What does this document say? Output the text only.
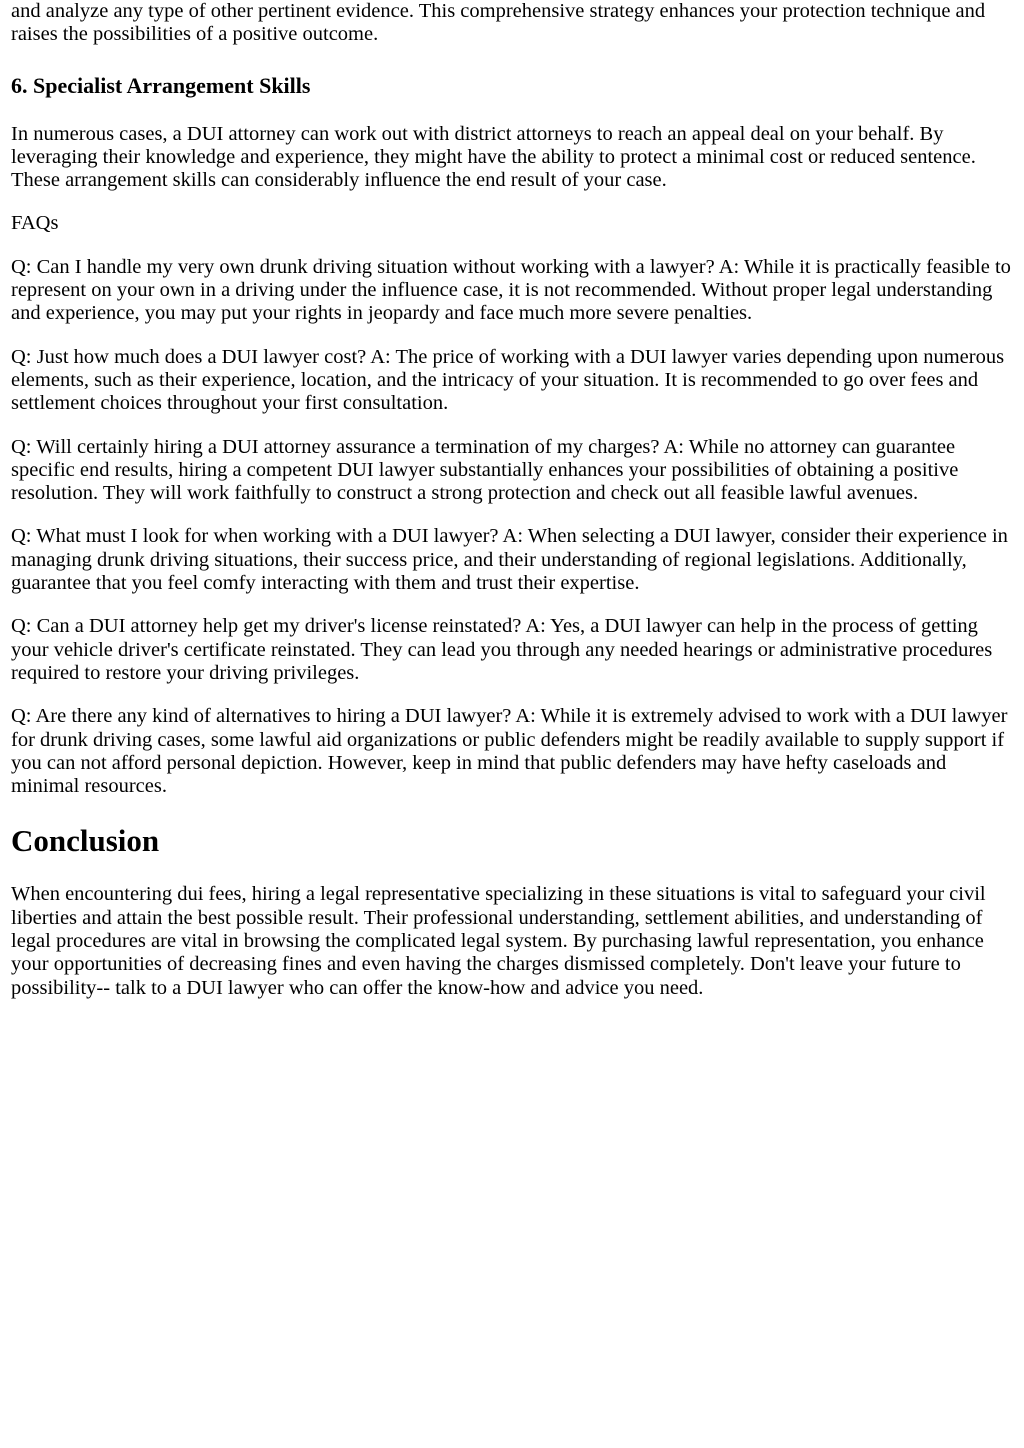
and analyze any type of other pertinent evidence. This comprehensive strategy enhances your protection technique and raises the possibilities of a positive outcome.

6. Specialist Arrangement Skills

In numerous cases, a DUI attorney can work out with district attorneys to reach an appeal deal on your behalf. By leveraging their knowledge and experience, they might have the ability to protect a minimal cost or reduced sentence. These arrangement skills can considerably influence the end result of your case.

FAQs

Q: Can I handle my very own drunk driving situation without working with a lawyer? A: While it is practically feasible to represent on your own in a driving under the influence case, it is not recommended. Without proper legal understanding and experience, you may put your rights in jeopardy and face much more severe penalties.

Q: Just how much does a DUI lawyer cost? A: The price of working with a DUI lawyer varies depending upon numerous elements, such as their experience, location, and the intricacy of your situation. It is recommended to go over fees and settlement choices throughout your first consultation.

Q: Will certainly hiring a DUI attorney assurance a termination of my charges? A: While no attorney can guarantee specific end results, hiring a competent DUI lawyer substantially enhances your possibilities of obtaining a positive resolution. They will work faithfully to construct a strong protection and check out all feasible lawful avenues.

Q: What must I look for when working with a DUI lawyer? A: When selecting a DUI lawyer, consider their experience in managing drunk driving situations, their success price, and their understanding of regional legislations. Additionally, guarantee that you feel comfy interacting with them and trust their expertise.

Q: Can a DUI attorney help get my driver's license reinstated? A: Yes, a DUI lawyer can help in the process of getting your vehicle driver's certificate reinstated. They can lead you through any needed hearings or administrative procedures required to restore your driving privileges.

Q: Are there any kind of alternatives to hiring a DUI lawyer? A: While it is extremely advised to work with a DUI lawyer for drunk driving cases, some lawful aid organizations or public defenders might be readily available to supply support if you can not afford personal depiction. However, keep in mind that public defenders may have hefty caseloads and minimal resources.

Conclusion

When encountering dui fees, hiring a legal representative specializing in these situations is vital to safeguard your civil liberties and attain the best possible result. Their professional understanding, settlement abilities, and understanding of legal procedures are vital in browsing the complicated legal system. By purchasing lawful representation, you enhance your opportunities of decreasing fines and even having the charges dismissed completely. Don't leave your future to possibility-- talk to a DUI lawyer who can offer the know-how and advice you need.
